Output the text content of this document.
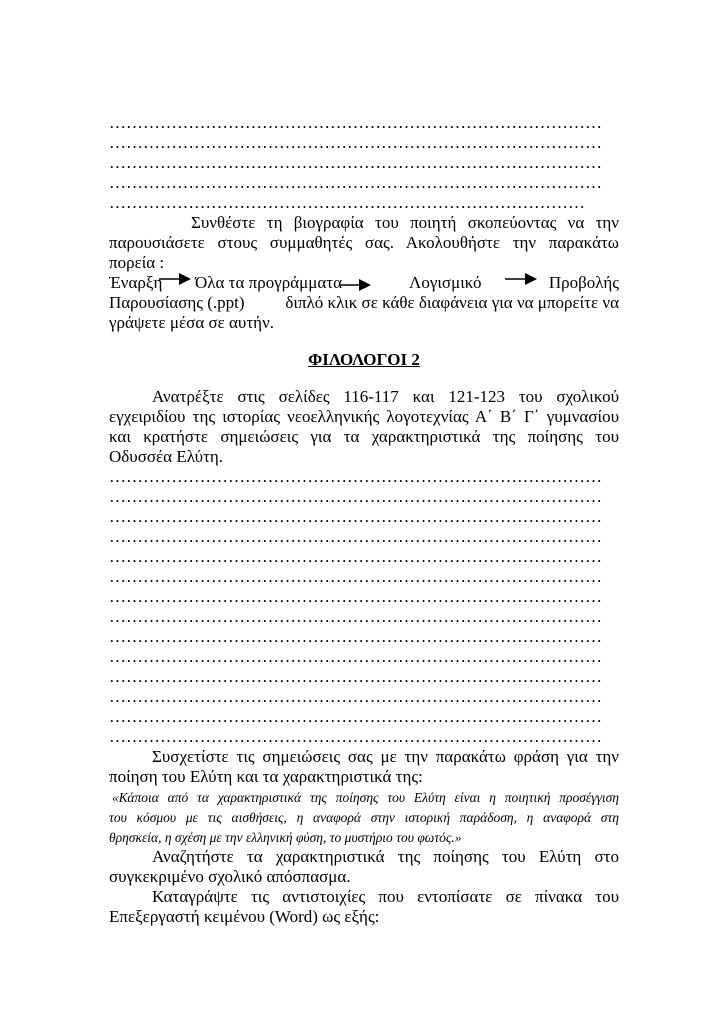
……………………………………………………………………………
……………………………………………………………………………
……………………………………………………………………………
……………………………………………………………………………
…………………………………………………………………………
Συνθέστε τη βιογραφία του ποιητή σκοπεύοντας να την
παρουσιάσετε στους συμμαθητές σας. Ακολουθήστε την παρακάτω
πορεία :
Έναρξη Όλα τα προγράμματα	Λογισμικό	Προβολής
Παρουσίασης (.ppt) διπλό κλικ σε κάθε διαφάνεια για να μπορείτε να
γράψετε μέσα σε αυτήν.
ΦΙΛΟΛΟΓΟΙ 2
Ανατρέξτε στις σελίδες 116-117 και 121-123 του σχολικού
εγχειριδίου της ιστορίας νεοελληνικής λογοτεχνίας Α΄ Β΄ Γ΄ γυμνασίου
και κρατήστε σημειώσεις για τα χαρακτηριστικά της ποίησης του
Οδυσσέα Ελύτη.
……………………………………………………………………………
……………………………………………………………………………
……………………………………………………………………………
……………………………………………………………………………
……………………………………………………………………………
……………………………………………………………………………
……………………………………………………………………………
……………………………………………………………………………
……………………………………………………………………………
……………………………………………………………………………
……………………………………………………………………………
……………………………………………………………………………
……………………………………………………………………………
……………………………………………………………………………
Συσχετίστε τις σημειώσεις σας με την παρακάτω φράση για την
ποίηση του Ελύτη και τα χαρακτηριστικά της:
«Κάποια από τα χαρακτηριστικά της ποίησης του Ελύτη είναι η ποιητική προσέγγιση
του κόσμου με τις αισθήσεις, η αναφορά στην ιστορική παράδοση, η αναφορά στη
θρησκεία, η σχέση με την ελληνική φύση, το μυστήριο του φωτός.»
Αναζητήστε τα χαρακτηριστικά της ποίησης του Ελύτη στο
συγκεκριμένο σχολικό απόσπασμα.
Καταγράψτε τις αντιστοιχίες που εντοπίσατε σε πίνακα του
Επεξεργαστή κειμένου (Word) ως εξής:
